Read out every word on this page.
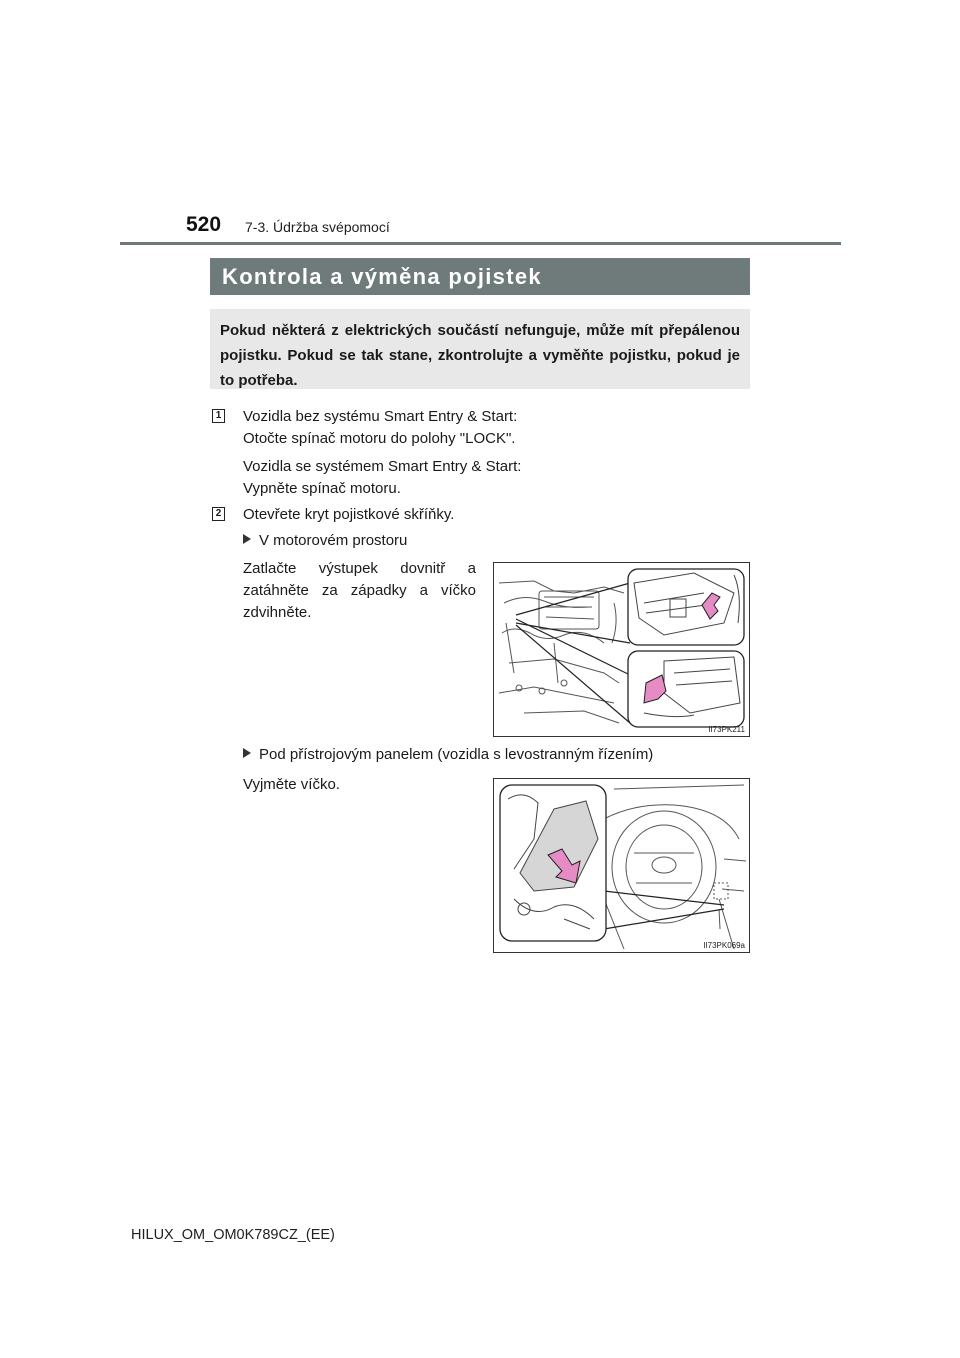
520 7-3. Údržba svépomocí
Kontrola a výměna pojistek
Pokud některá z elektrických součástí nefunguje, může mít přepálenou pojistku. Pokud se tak stane, zkontrolujte a vyměňte pojistku, pokud je to potřeba.
1 Vozidla bez systému Smart Entry & Start:
Otočte spínač motoru do polohy "LOCK".
Vozidla se systémem Smart Entry & Start:
Vypněte spínač motoru.
2 Otevřete kryt pojistkové skříňky.
V motorovém prostoru
Zatlačte výstupek dovnitř a zatáhněte za západky a víčko zdvihněte.
II73PK211
Pod přístrojovým panelem (vozidla s levostranným řízením)
Vyjměte víčko.
II73PK069a
HILUX_OM_OM0K789CZ_(EE)
